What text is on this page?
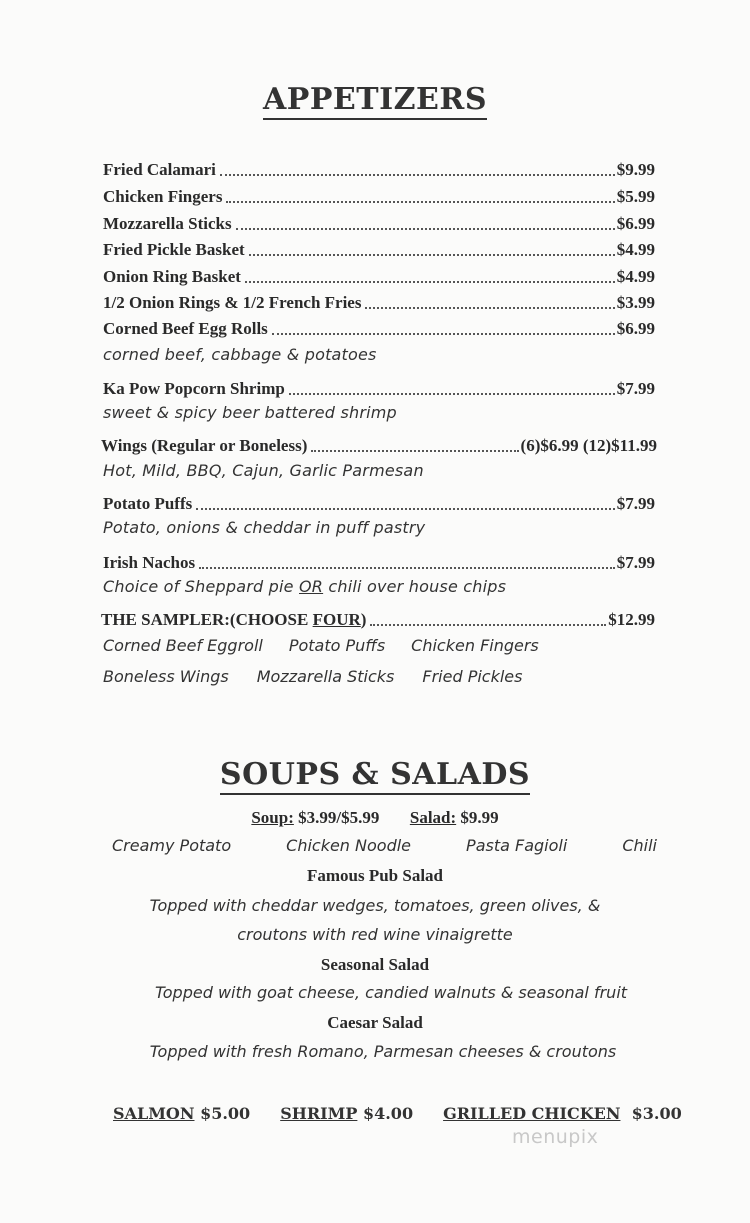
APPETIZERS
Fried Calamari	$9.99
Chicken Fingers	$5.99
Mozzarella Sticks	$6.99
Fried Pickle Basket	$4.99
Onion Ring Basket	$4.99
1/2 Onion Rings & 1/2 French Fries	$3.99
Corned Beef Egg Rolls	$6.99
corned beef, cabbage & potatoes
Ka Pow Popcorn Shrimp	$7.99
sweet & spicy beer battered shrimp
Wings (Regular or Boneless)	(6)$6.99 (12)$11.99
Hot, Mild, BBQ, Cajun, Garlic Parmesan
Potato Puffs	$7.99
Potato, onions & cheddar in puff pastry
Irish Nachos	$7.99
Choice of Sheppard pie OR chili over house chips
THE SAMPLER:(CHOOSE FOUR)	$12.99
Corned Beef Eggroll Potato Puffs Chicken Fingers
Boneless Wings Mozzarella Sticks Fried Pickles
SOUPS & SALADS
Soup: $3.99/$5.99 Salad: $9.99
Creamy Potato	Chicken Noodle	Pasta Fagioli	Chili
Famous Pub Salad
Topped with cheddar wedges, tomatoes, green olives, &
croutons with red wine vinaigrette
Seasonal Salad
Topped with goat cheese, candied walnuts & seasonal fruit
Caesar Salad
Topped with fresh Romano, Parmesan cheeses & croutons
SALMON $5.00 SHRIMP $4.00 GRILLED CHICKEN $3.00
menupix
